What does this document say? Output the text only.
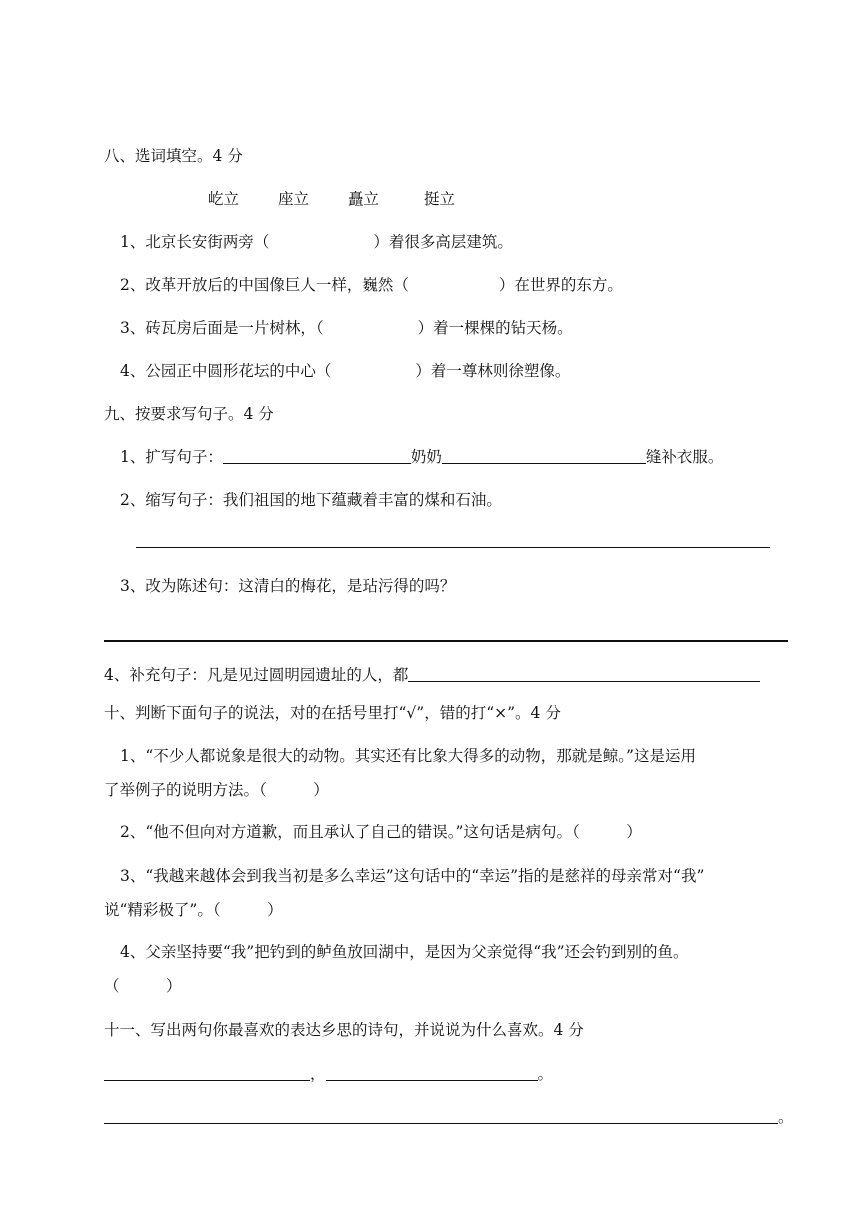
八、选词填空。4 分
屹立	座立	矗立	挺立
1、北京长安街两旁（	）着很多高层建筑。
2、改革开放后的中国像巨人一样，巍然（	）在世界的东方。
3、砖瓦房后面是一片树林，（	）着一棵棵的钻天杨。
4、公园正中圆形花坛的中心（	）着一尊林则徐塑像。
九、按要求写句子。4 分
1、扩写句子：	奶奶	缝补衣服。
2、缩写句子：我们祖国的地下蕴藏着丰富的煤和石油。
3、改为陈述句：这清白的梅花，是玷污得的吗？
4、补充句子：凡是见过圆明园遗址的人，都
十、判断下面句子的说法，对的在括号里打“√”，错的打“×”。4 分
1、“不少人都说象是很大的动物。其实还有比象大得多的动物，那就是鲸。”这是运用
了举例子的说明方法。（　　　）
2、“他不但向对方道歉，而且承认了自己的错误。”这句话是病句。（　　　）
3、“我越来越体会到我当初是多么幸运”这句话中的“幸运”指的是慈祥的母亲常对“我”
说“精彩极了”。（　　　）
4、父亲坚持要“我”把钓到的鲈鱼放回湖中，是因为父亲觉得“我”还会钓到别的鱼。
（　　　）
十一、写出两句你最喜欢的表达乡思的诗句，并说说为什么喜欢。4 分
，	。
。
